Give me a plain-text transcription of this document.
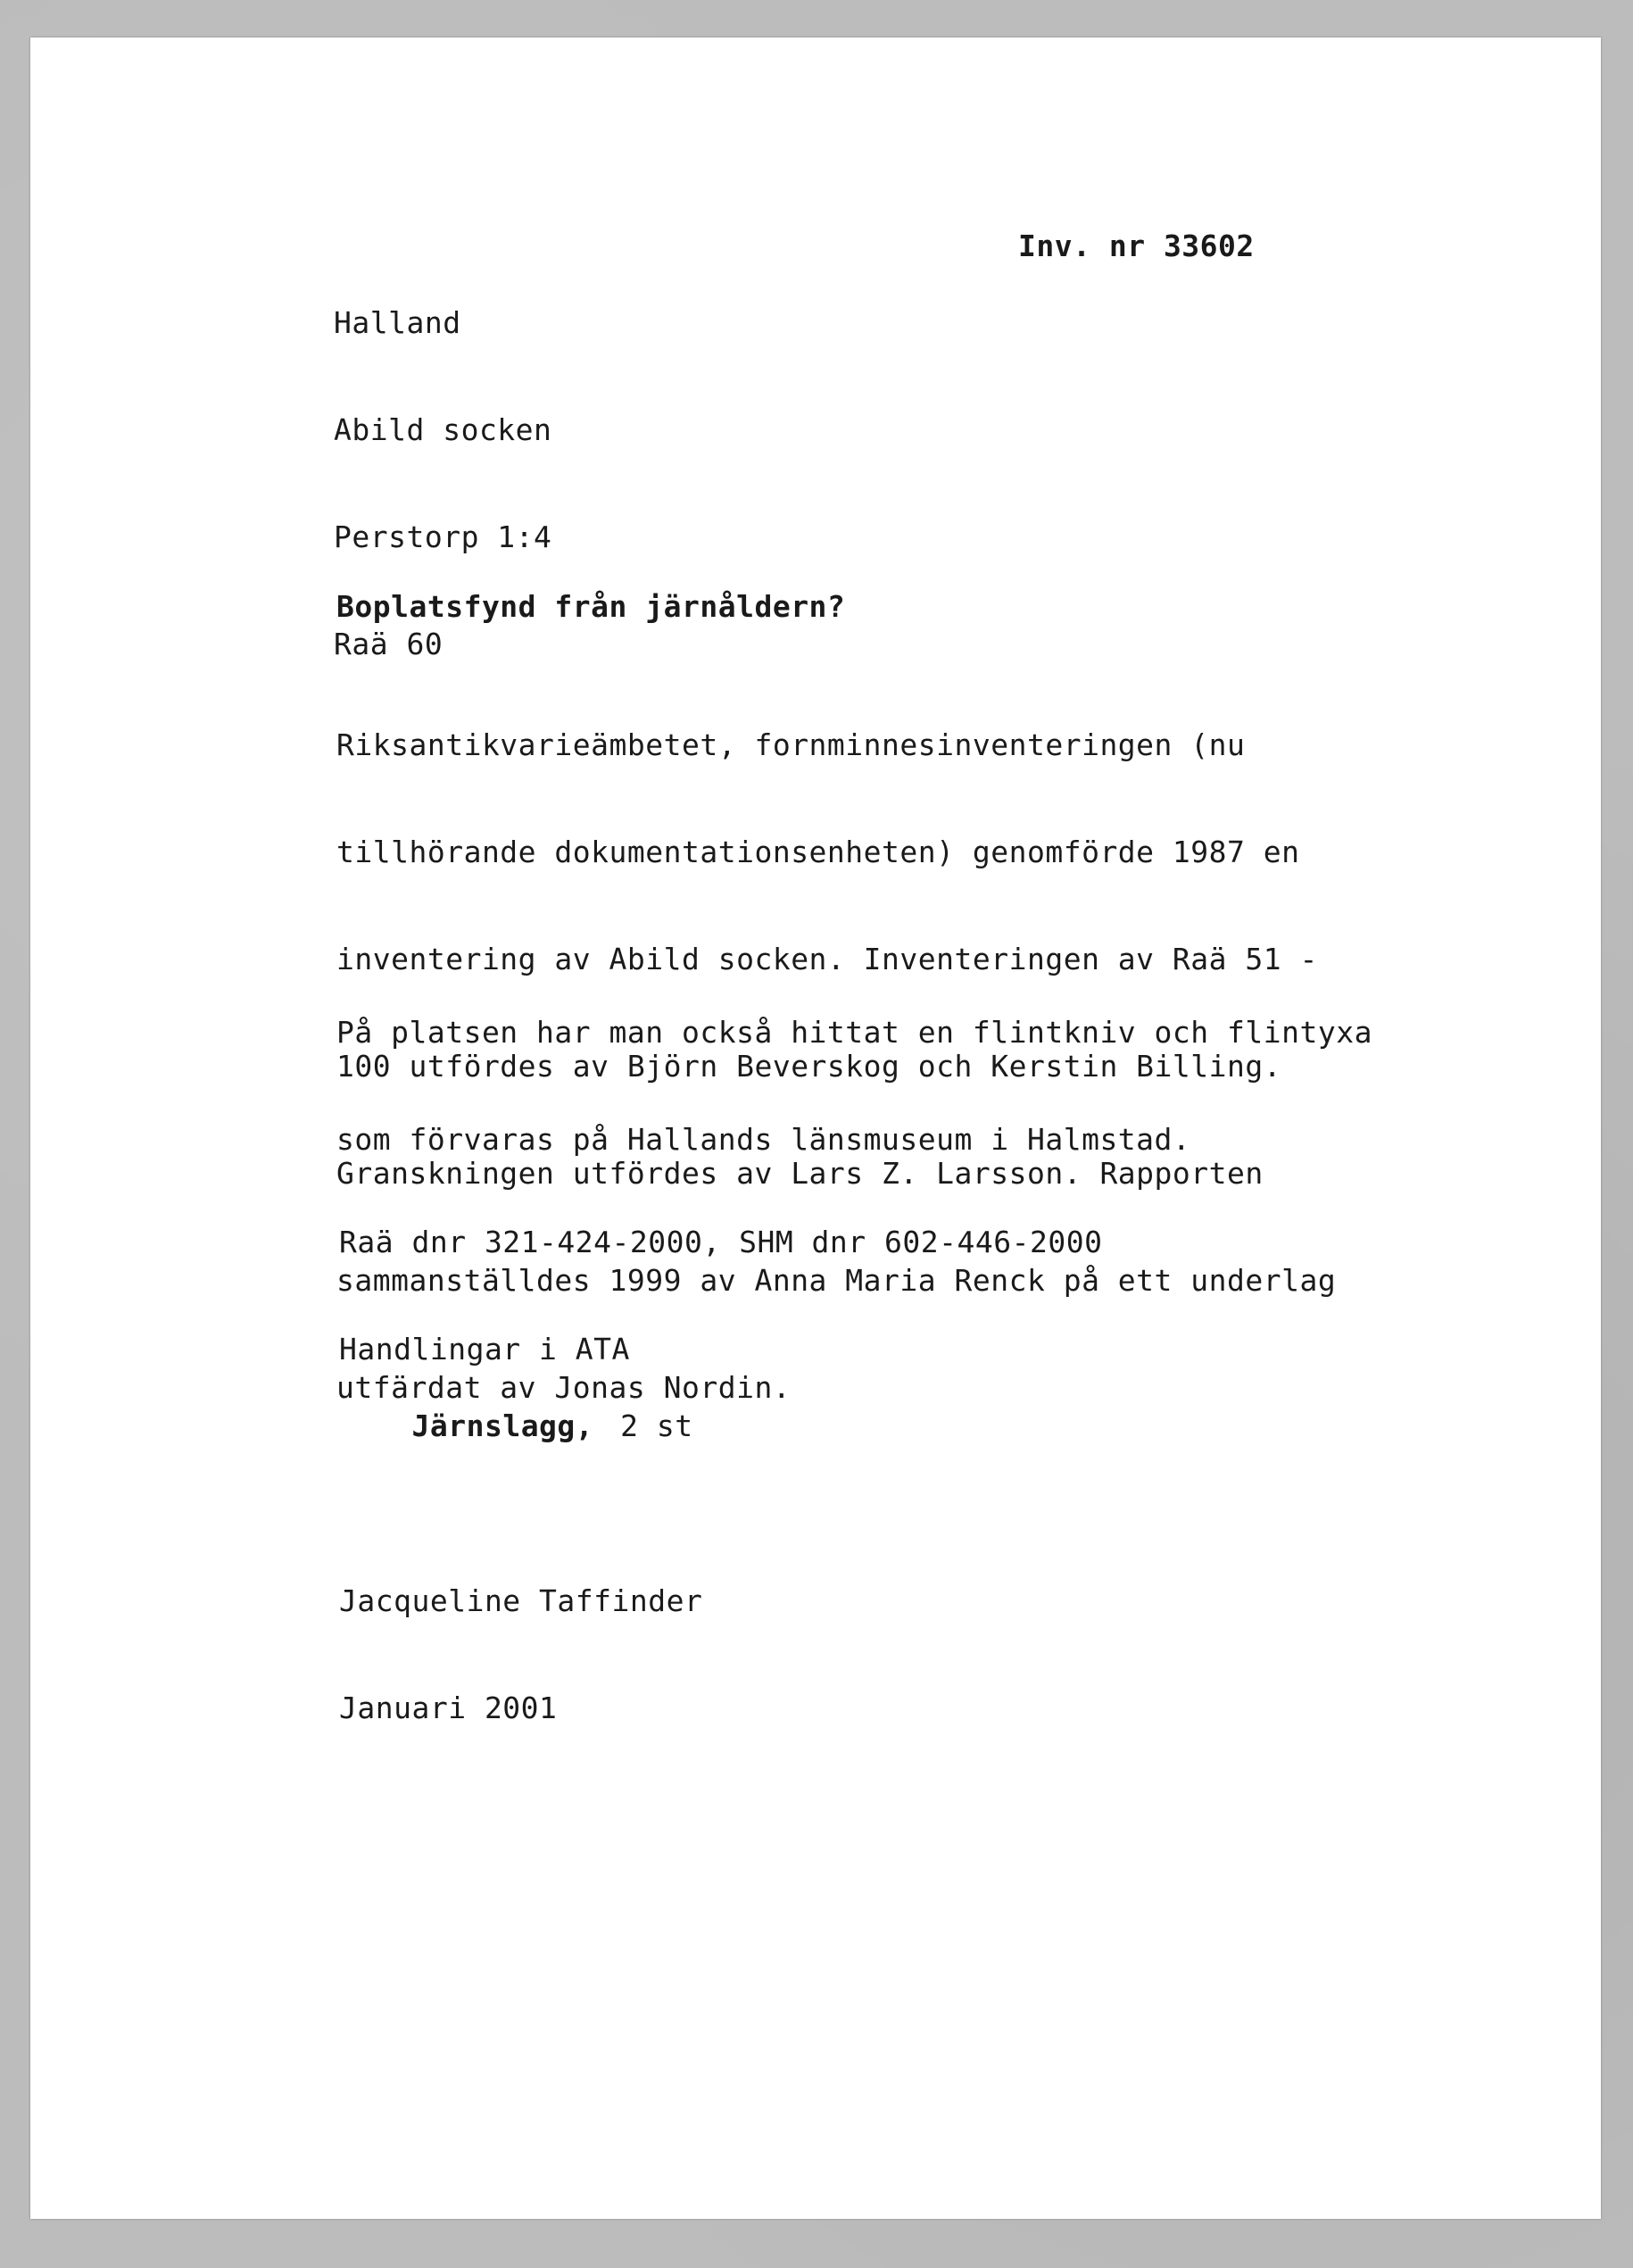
Halland

Abild socken

Perstorp 1:4

Raä 60

Inv. nr 33602
Boplatsfynd från järnåldern?

Riksantikvarieämbetet, fornminnesinventeringen (nu

tillhörande dokumentationsenheten) genomförde 1987 en

inventering av Abild socken. Inventeringen av Raä 51 -

100 utfördes av Björn Beverskog och Kerstin Billing.

Granskningen utfördes av Lars Z. Larsson. Rapporten

sammanställdes 1999 av Anna Maria Renck på ett underlag

utfärdat av Jonas Nordin.

På platsen har man också hittat en flintkniv och flintyxa

som förvaras på Hallands länsmuseum i Halmstad.

Raä dnr 321-424-2000, SHM dnr 602-446-2000

Handlingar i ATA

Järnslagg, 2 st

Jacqueline Taffinder

Januari 2001
